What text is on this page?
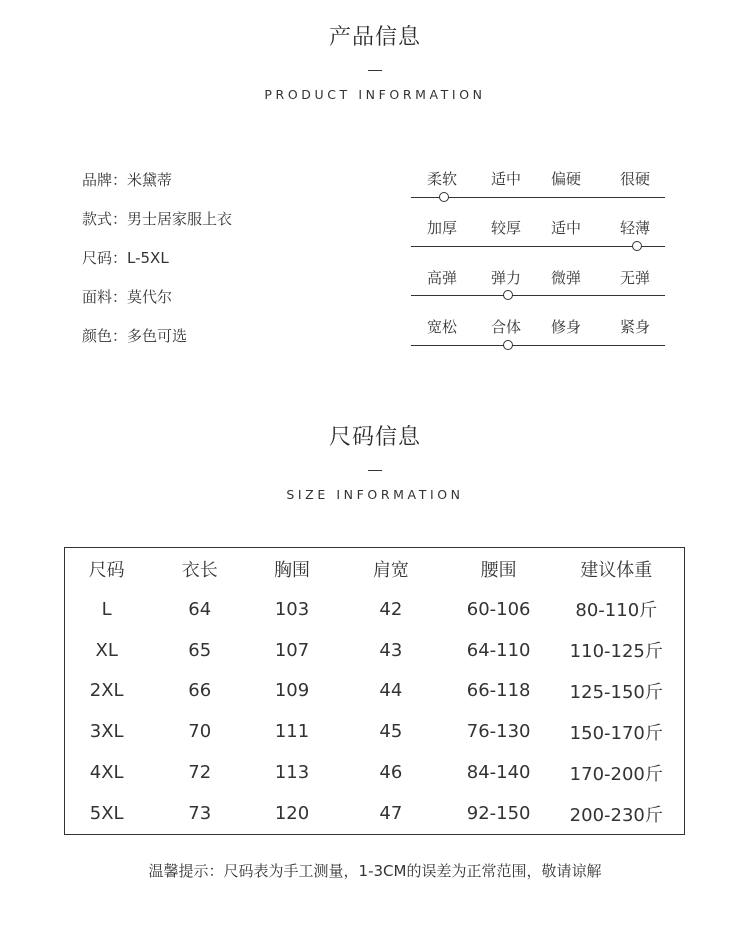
产品信息
PRODUCT INFORMATION
品牌：米黛蒂
款式：男士居家服上衣
尺码：L-5XL
面料：莫代尔
颜色：多色可选
柔软 适中 偏硬	很硬
加厚 较厚 适中	轻薄
高弹 弹力 微弹	无弹
宽松 合体 修身	紧身
尺码信息
SIZE INFORMATION
尺码	衣长	胸围	肩宽	腰围	建议体重
L	64	103	42	60-106	80-110斤
XL	65	107	43	64-110	110-125斤
2XL	66	109	44	66-118	125-150斤
3XL	70	111	45	76-130	150-170斤
4XL	72	113	46	84-140	170-200斤
5XL	73	120	47	92-150	200-230斤
温馨提示：尺码表为手工测量，1-3CM的误差为正常范围，敬请谅解
